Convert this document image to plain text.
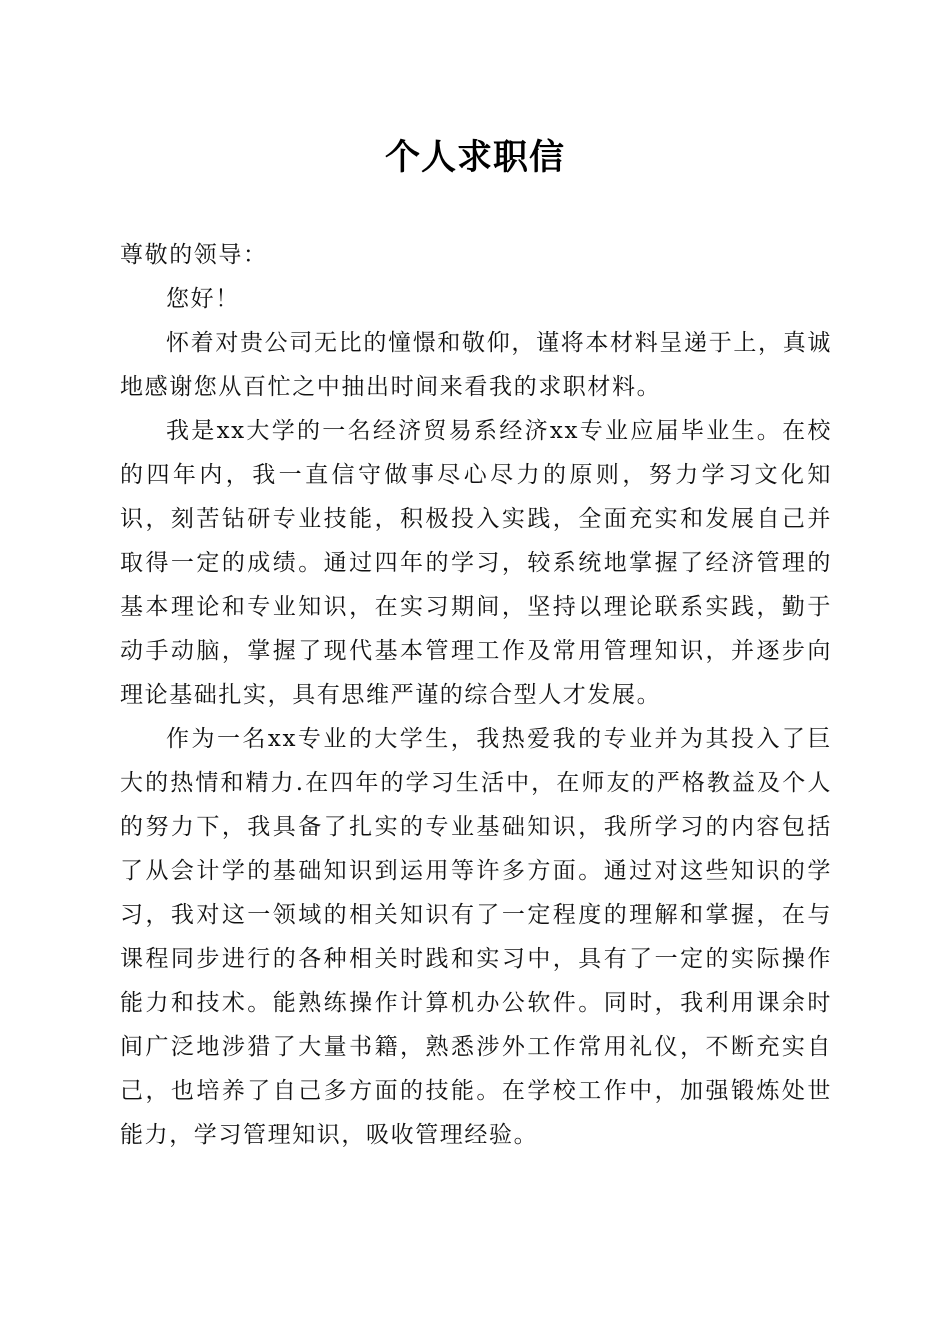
个人求职信

尊敬的领导：

您好！

怀着对贵公司无比的憧憬和敬仰，谨将本材料呈递于上，真诚地感谢您从百忙之中抽出时间来看我的求职材料。

我是xx大学的一名经济贸易系经济xx专业应届毕业生。在校的四年内，我一直信守做事尽心尽力的原则，努力学习文化知识，刻苦钻研专业技能，积极投入实践，全面充实和发展自己并取得一定的成绩。通过四年的学习，较系统地掌握了经济管理的基本理论和专业知识，在实习期间，坚持以理论联系实践，勤于动手动脑，掌握了现代基本管理工作及常用管理知识，并逐步向理论基础扎实，具有思维严谨的综合型人才发展。

作为一名xx专业的大学生，我热爱我的专业并为其投入了巨大的热情和精力.在四年的学习生活中，在师友的严格教益及个人的努力下，我具备了扎实的专业基础知识，我所学习的内容包括了从会计学的基础知识到运用等许多方面。通过对这些知识的学习，我对这一领域的相关知识有了一定程度的理解和掌握，在与课程同步进行的各种相关时践和实习中，具有了一定的实际操作能力和技术。能熟练操作计算机办公软件。同时，我利用课余时间广泛地涉猎了大量书籍，熟悉涉外工作常用礼仪，不断充实自己，也培养了自己多方面的技能。在学校工作中，加强锻炼处世能力，学习管理知识，吸收管理经验。
